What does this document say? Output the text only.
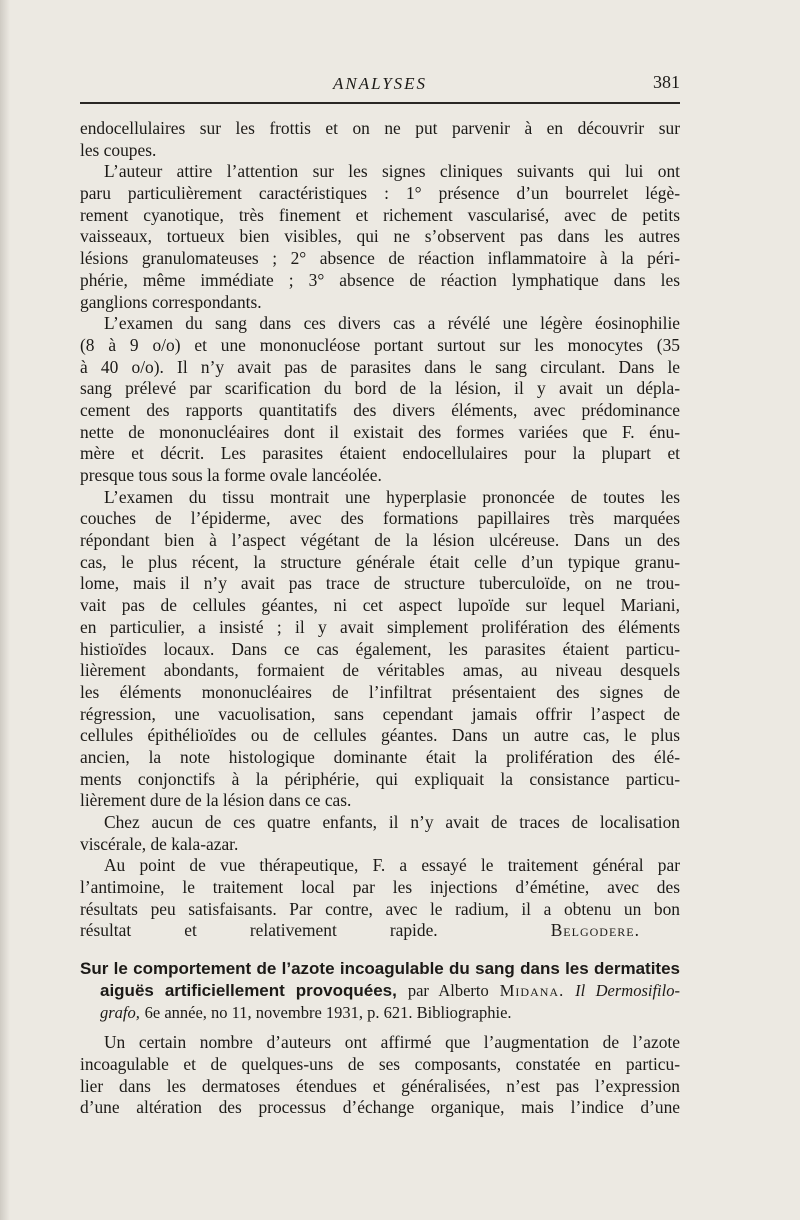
ANALYSES	381
endocellulaires sur les frottis et on ne put parvenir à en découvrir sur
les coupes.
L’auteur attire l’attention sur les signes cliniques suivants qui lui ont
paru particulièrement caractéristiques : 1° présence d’un bourrelet légè-
rement cyanotique, très finement et richement vascularisé, avec de petits
vaisseaux, tortueux bien visibles, qui ne s’observent pas dans les autres
lésions granulomateuses ; 2° absence de réaction inflammatoire à la péri-
phérie, même immédiate ; 3° absence de réaction lymphatique dans les
ganglions correspondants.
L’examen du sang dans ces divers cas a révélé une légère éosinophilie
(8 à 9 o/o) et une mononucléose portant surtout sur les monocytes (35
à 40 o/o). Il n’y avait pas de parasites dans le sang circulant. Dans le
sang prélevé par scarification du bord de la lésion, il y avait un dépla-
cement des rapports quantitatifs des divers éléments, avec prédominance
nette de mononucléaires dont il existait des formes variées que F. énu-
mère et décrit. Les parasites étaient endocellulaires pour la plupart et
presque tous sous la forme ovale lancéolée.
L’examen du tissu montrait une hyperplasie prononcée de toutes les
couches de l’épiderme, avec des formations papillaires très marquées
répondant bien à l’aspect végétant de la lésion ulcéreuse. Dans un des
cas, le plus récent, la structure générale était celle d’un typique granu-
lome, mais il n’y avait pas trace de structure tuberculoïde, on ne trou-
vait pas de cellules géantes, ni cet aspect lupoïde sur lequel Mariani,
en particulier, a insisté ; il y avait simplement prolifération des éléments
histioïdes locaux. Dans ce cas également, les parasites étaient particu-
lièrement abondants, formaient de véritables amas, au niveau desquels
les éléments mononucléaires de l’infiltrat présentaient des signes de
régression, une vacuolisation, sans cependant jamais offrir l’aspect de
cellules épithélioïdes ou de cellules géantes. Dans un autre cas, le plus
ancien, la note histologique dominante était la prolifération des élé-
ments conjonctifs à la périphérie, qui expliquait la consistance particu-
lièrement dure de la lésion dans ce cas.
Chez aucun de ces quatre enfants, il n’y avait de traces de localisation
viscérale, de kala-azar.
Au point de vue thérapeutique, F. a essayé le traitement général par
l’antimoine, le traitement local par les injections d’émétine, avec des
résultats peu satisfaisants. Par contre, avec le radium, il a obtenu un bon
résultat et relativement rapide.	Belgodere.
Sur le comportement de l’azote incoagulable du sang dans les dermatites
aiguës artificiellement provoquées, par Alberto Midana. Il Dermosifilo-
grafo, 6e année, no 11, novembre 1931, p. 621. Bibliographie.
Un certain nombre d’auteurs ont affirmé que l’augmentation de l’azote
incoagulable et de quelques-uns de ses composants, constatée en particu-
lier dans les dermatoses étendues et généralisées, n’est pas l’expression
d’une altération des processus d’échange organique, mais l’indice d’une
